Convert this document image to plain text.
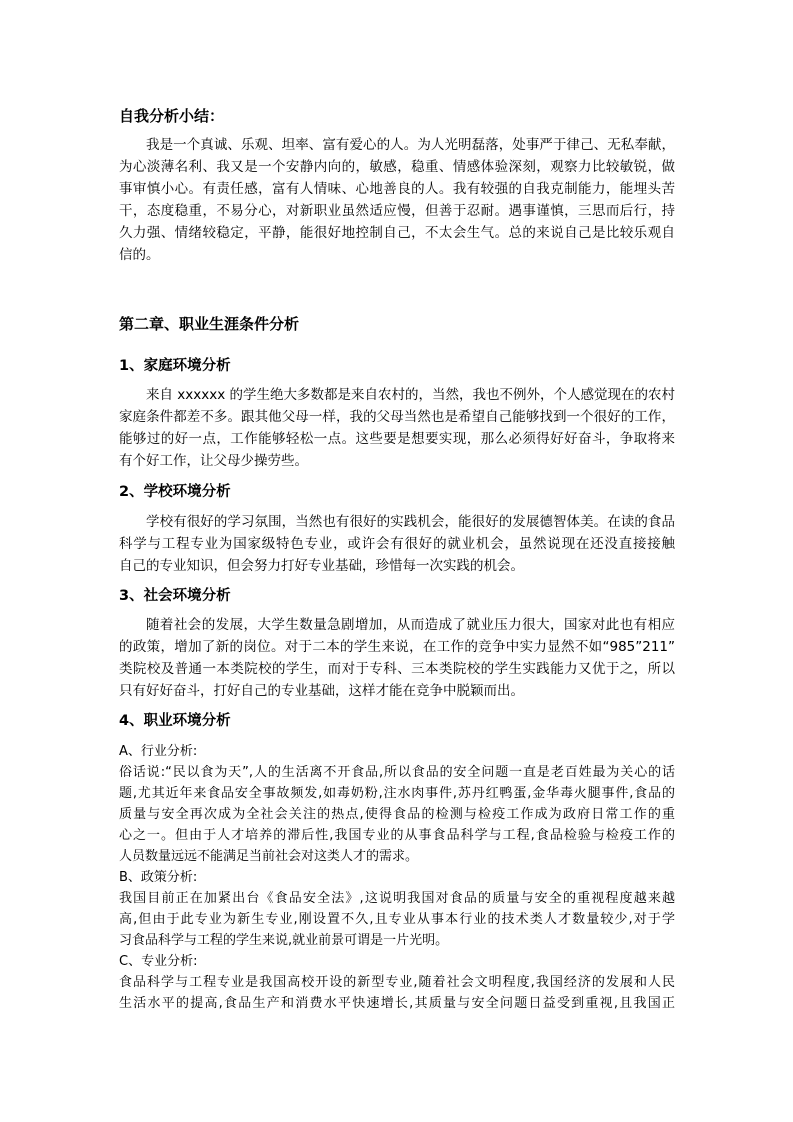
自我分析小结：
我是一个真诚、乐观、坦率、富有爱心的人。为人光明磊落，处事严于律己、无私奉献，
为心淡薄名利、我又是一个安静内向的，敏感，稳重、情感体验深刻，观察力比较敏锐，做
事审慎小心。有责任感，富有人情味、心地善良的人。我有较强的自我克制能力，能埋头苦
干，态度稳重，不易分心，对新职业虽然适应慢，但善于忍耐。遇事谨慎，三思而后行，持
久力强、情绪较稳定，平静，能很好地控制自己，不太会生气。总的来说自己是比较乐观自
信的。
第二章、职业生涯条件分析
1、家庭环境分析
来自 xxxxxx 的学生绝大多数都是来自农村的，当然，我也不例外，个人感觉现在的农村
家庭条件都差不多。跟其他父母一样，我的父母当然也是希望自己能够找到一个很好的工作，
能够过的好一点，工作能够轻松一点。这些要是想要实现，那么必须得好好奋斗，争取将来
有个好工作，让父母少操劳些。
2、学校环境分析
学校有很好的学习氛围，当然也有很好的实践机会，能很好的发展德智体美。在读的食品
科学与工程专业为国家级特色专业，或许会有很好的就业机会，虽然说现在还没直接接触
自己的专业知识，但会努力打好专业基础，珍惜每一次实践的机会。
3、社会环境分析
随着社会的发展，大学生数量急剧增加，从而造成了就业压力很大，国家对此也有相应
的政策，增加了新的岗位。对于二本的学生来说，在工作的竞争中实力显然不如“985”211”
类院校及普通一本类院校的学生，而对于专科、三本类院校的学生实践能力又优于之，所以
只有好好奋斗，打好自己的专业基础，这样才能在竞争中脱颖而出。
4、职业环境分析
A、行业分析:
俗话说:“民以食为天”,人的生活离不开食品,所以食品的安全问题一直是老百姓最为关心的话
题,尤其近年来食品安全事故频发,如毒奶粉,注水肉事件,苏丹红鸭蛋,金华毒火腿事件,食品的
质量与安全再次成为全社会关注的热点,使得食品的检测与检疫工作成为政府日常工作的重
心之一。但由于人才培养的滞后性,我国专业的从事食品科学与工程,食品检验与检疫工作的
人员数量远远不能满足当前社会对这类人才的需求。
B、政策分析:
我国目前正在加紧出台《食品安全法》,这说明我国对食品的质量与安全的重视程度越来越
高,但由于此专业为新生专业,刚设置不久,且专业从事本行业的技术类人才数量较少,对于学
习食品科学与工程的学生来说,就业前景可谓是一片光明。
C、专业分析:
食品科学与工程专业是我国高校开设的新型专业,随着社会文明程度,我国经济的发展和人民
生活水平的提高,食品生产和消费水平快速增长,其质量与安全问题日益受到重视,且我国正
